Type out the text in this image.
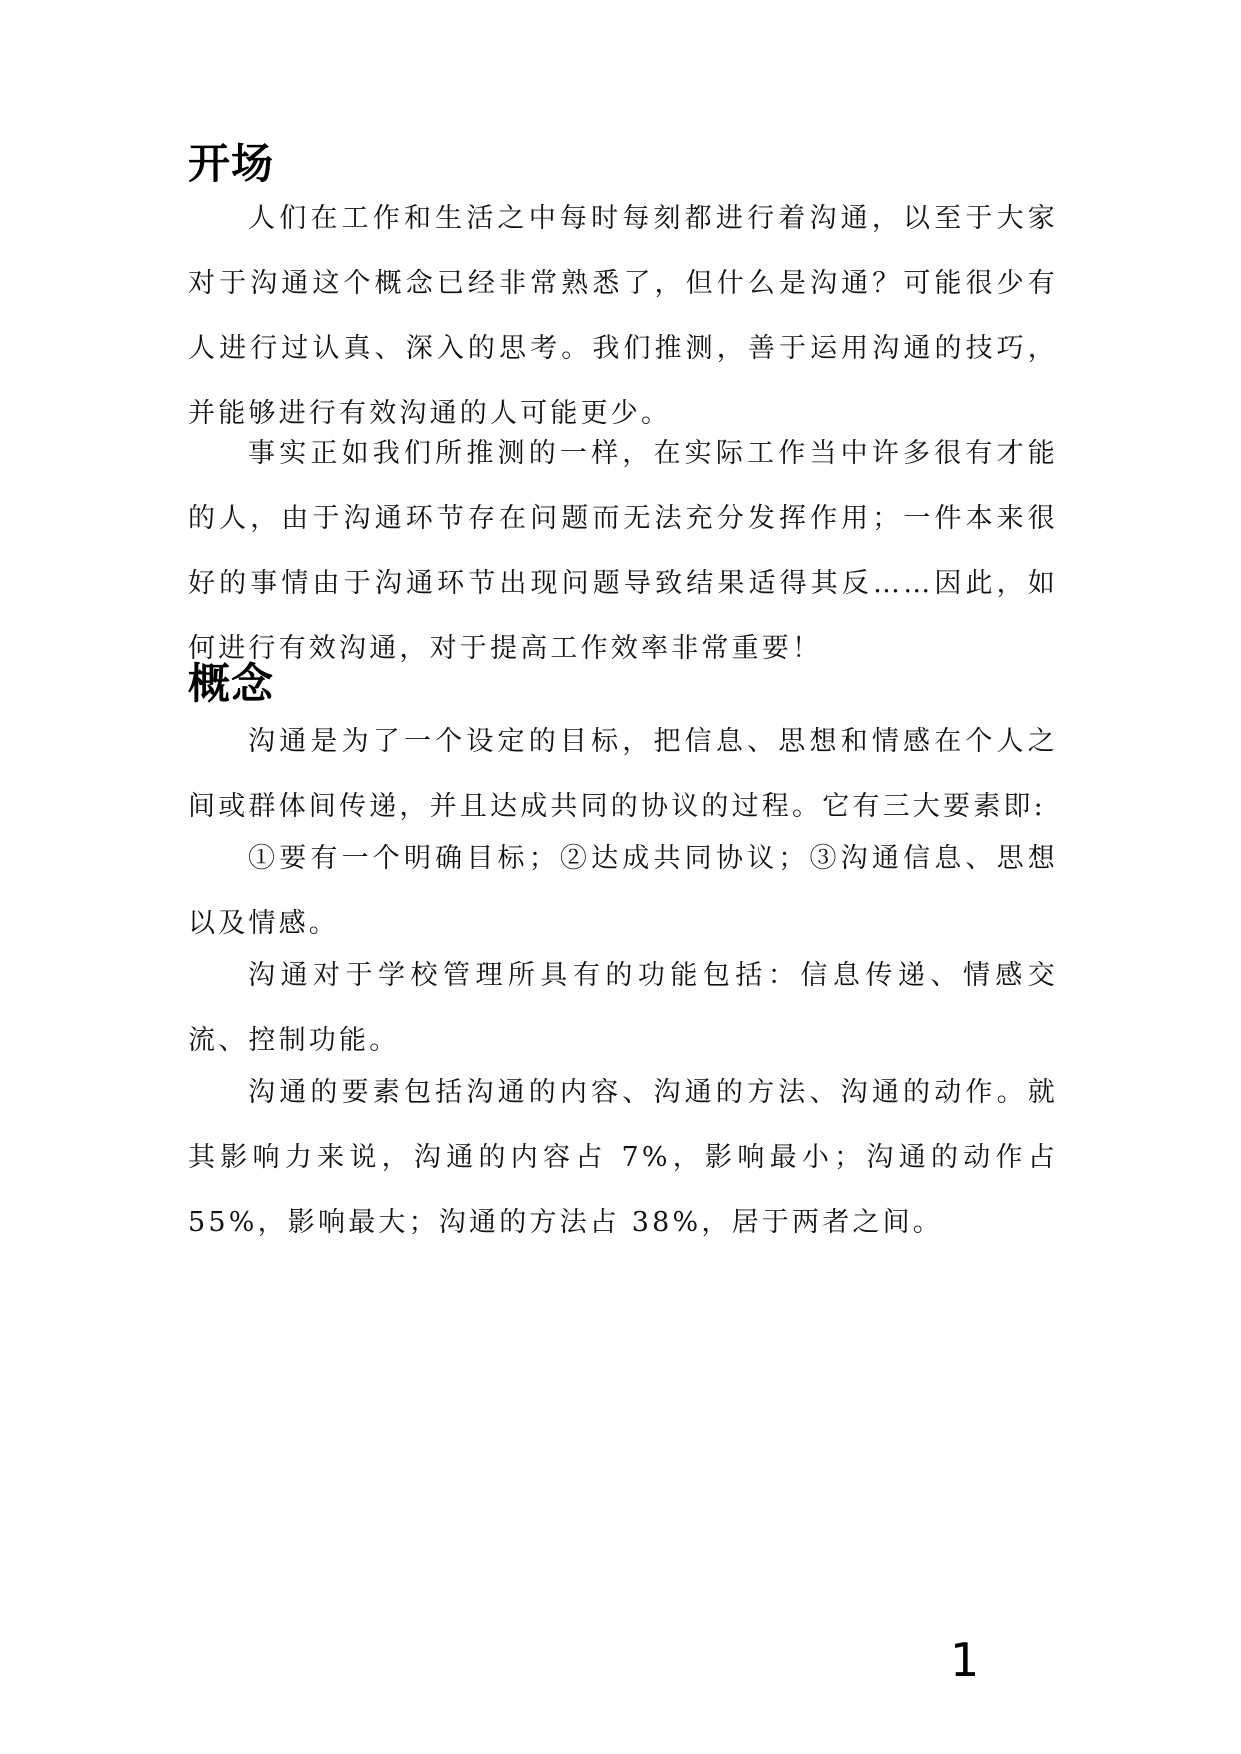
开场

人们在工作和生活之中每时每刻都进行着沟通，以至于大家对于沟通这个概念已经非常熟悉了，但什么是沟通？可能很少有人进行过认真、深入的思考。我们推测，善于运用沟通的技巧，并能够进行有效沟通的人可能更少。

事实正如我们所推测的一样，在实际工作当中许多很有才能的人，由于沟通环节存在问题而无法充分发挥作用；一件本来很好的事情由于沟通环节出现问题导致结果适得其反……因此，如何进行有效沟通，对于提高工作效率非常重要！

概念

沟通是为了一个设定的目标，把信息、思想和情感在个人之间或群体间传递，并且达成共同的协议的过程。它有三大要素即:

①要有一个明确目标；②达成共同协议；③沟通信息、思想以及情感。

沟通对于学校管理所具有的功能包括：信息传递、情感交流、控制功能。

沟通的要素包括沟通的内容、沟通的方法、沟通的动作。就其影响力来说，沟通的内容占 7%，影响最小；沟通的动作占 55%，影响最大；沟通的方法占 38%，居于两者之间。

1
